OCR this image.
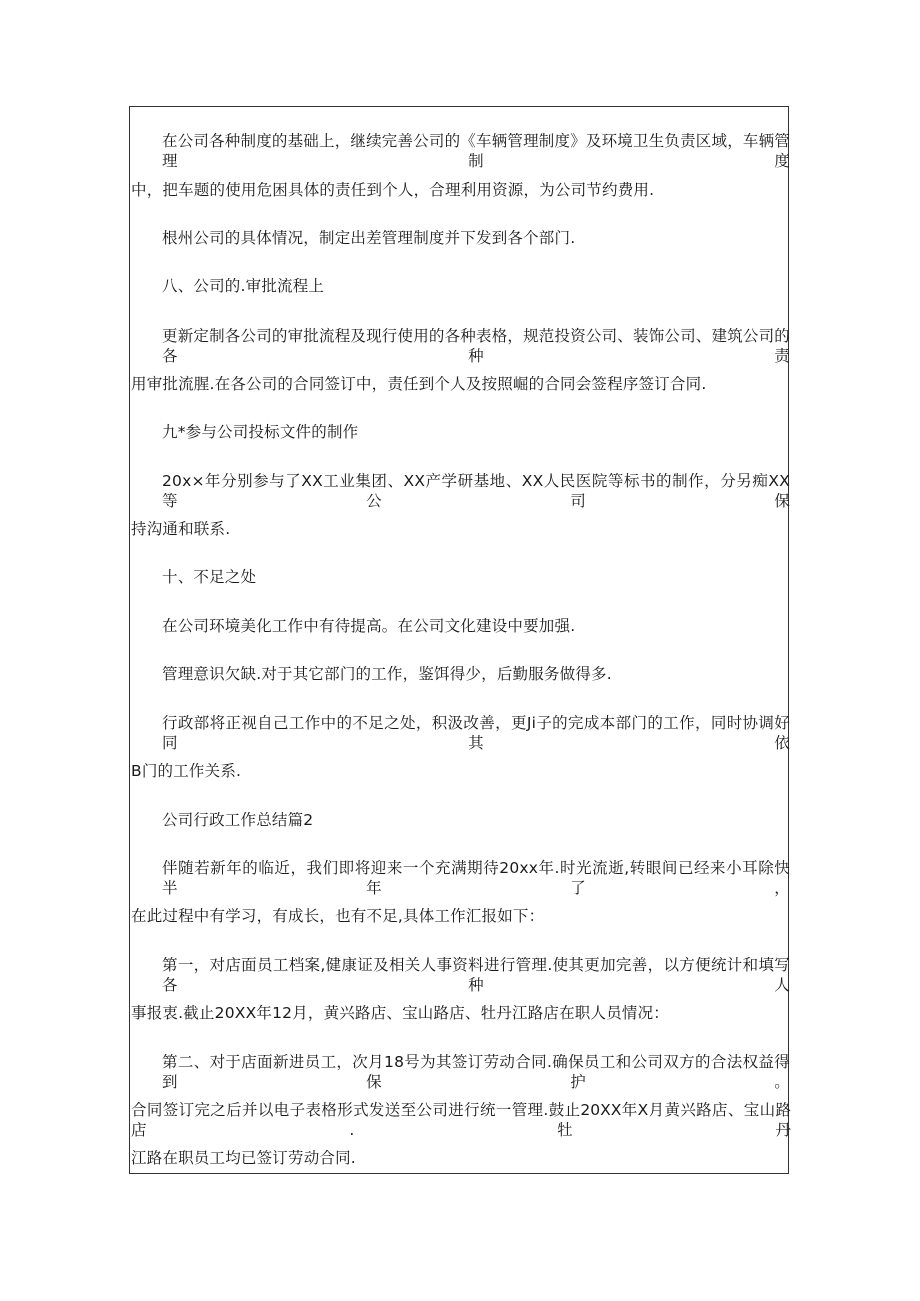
在公司各种制度的基础上，继续完善公司的《车辆管理制度》及环境卫生负责区域，车辆管理制度
中，把车题的使用危困具体的责任到个人，合理利用资源，为公司节约费用.
根州公司的具体情况，制定出差管理制度并下发到各个部门.
八、公司的.审批流程上
更新定制各公司的审批流程及现行使用的各种表格，规范投资公司、装饰公司、建筑公司的各种责
用审批流腥.在各公司的合同签订中，责任到个人及按照崛的合同会签程序签订合同.
九*参与公司投标文件的制作
20x×年分别参与了XX工业集团、XX产学研基地、XX人民医院等标书的制作，分另痴XX等公司保
持沟通和联系.
十、不足之处
在公司环境美化工作中有待提高。在公司文化建设中要加强.
管理意识欠缺.对于其它部门的工作，鉴饵得少，后勤服务做得多.
行政部将正视自己工作中的不足之处，积汲改善，更Ji子的完成本部门的工作，同时协调好同其依
B门的工作关系.
公司行政工作总结篇2
伴随若新年的临近，我们即将迎来一个充满期待20xx年.时光流逝,转眼间已经来小耳除快半年了，
在此过程中有学习，有成长，也有不足,具体工作汇报如下：
第一，对店面员工档案,健康证及相关人事资料进行管理.使其更加完善，以方便统计和填写各种人
事报衷.截止20XX年12月，黄兴路店、宝山路店、牡丹江路店在职人员情况：
第二、对于店面新进员工，次月18号为其签订劳动合同.确保员工和公司双方的合法权益得到保护。
合同签订完之后并以电子表格形式发送至公司进行统一管理.鼓止20XX年X月黄兴路店、宝山路店.牡丹
江路在职员工均已签订劳动合同.
